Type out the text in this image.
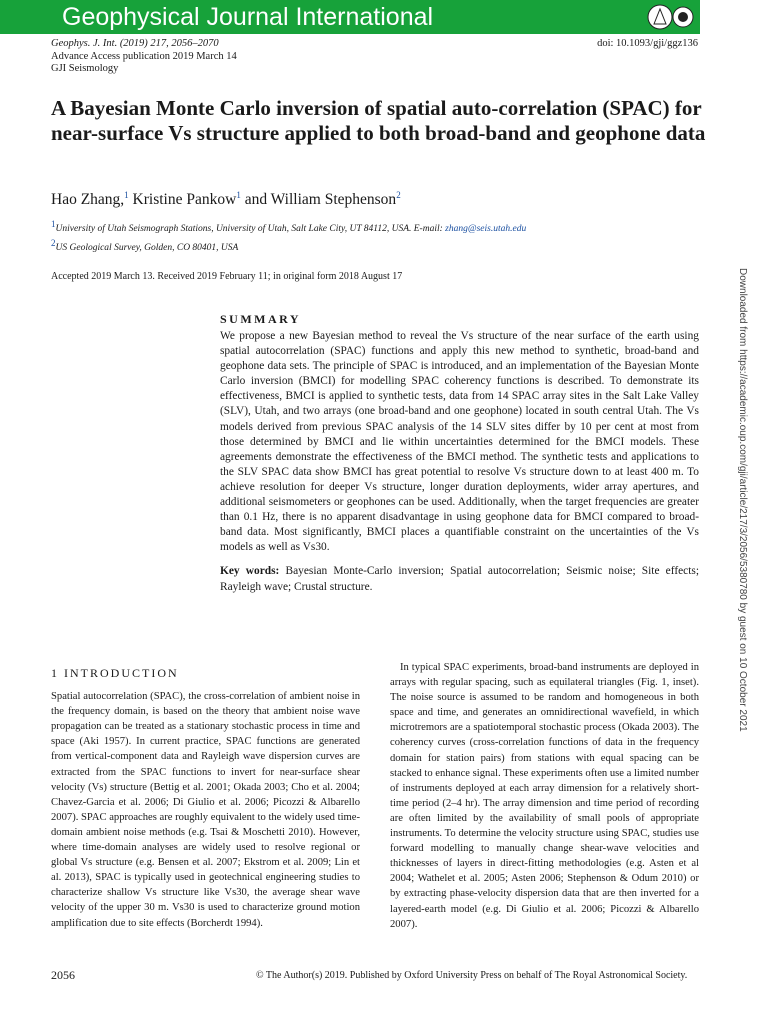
Geophysical Journal International
Geophys. J. Int. (2019) 217, 2056–2070
Advance Access publication 2019 March 14
GJI Seismology
doi: 10.1093/gji/ggz136
A Bayesian Monte Carlo inversion of spatial auto-correlation (SPAC) for near-surface Vs structure applied to both broad-band and geophone data
Hao Zhang,$^1$ Kristine Pankow$^1$ and William Stephenson$^2$
$^1$University of Utah Seismograph Stations, University of Utah, Salt Lake City, UT 84112, USA. E-mail: zhang@seis.utah.edu
$^2$US Geological Survey, Golden, CO 80401, USA
Accepted 2019 March 13. Received 2019 February 11; in original form 2018 August 17	Downloaded from https://academic.oup.com/gji/article/217/3/2056/5380780 by guest on 10 October 2021
SUMMARY

We propose a new Bayesian method to reveal the Vs structure of the near surface of the earth using spatial autocorrelation (SPAC) functions and apply this new method to synthetic, broad-band and geophone data sets. The principle of SPAC is introduced, and an implementation of the Bayesian Monte Carlo inversion (BMCI) for modelling SPAC coherency functions is described. To demonstrate its effectiveness, BMCI is applied to synthetic tests, data from 14 SPAC array sites in the Salt Lake Valley (SLV), Utah, and two arrays (one broad-band and one geophone) located in south central Utah. The Vs models derived from previous SPAC analysis of the 14 SLV sites differ by 10 per cent at most from those determined by BMCI and lie within uncertainties determined for the BMCI models. These agreements demonstrate the effectiveness of the BMCI method. The synthetic tests and applications to the SLV SPAC data show BMCI has great potential to resolve Vs structure down to at least 400 m. To achieve resolution for deeper Vs structure, longer duration deployments, wider array apertures, and additional seismometers or geophones can be used. Additionally, when the target frequencies are greater than 0.1 Hz, there is no apparent disadvantage in using geophone data for BMCI compared to broad-band data. Most significantly, BMCI places a quantifiable constraint on the uncertainties of the Vs models as well as Vs30.

Key words: Bayesian Monte-Carlo inversion; Spatial autocorrelation; Seismic noise; Site effects; Rayleigh wave; Crustal structure.

1 INTRODUCTION

Spatial autocorrelation (SPAC), the cross-correlation of ambient noise in the frequency domain, is based on the theory that ambient noise wave propagation can be treated as a stationary stochastic process in time and space (Aki 1957). In current practice, SPAC functions are generated from vertical-component data and Rayleigh wave dispersion curves are extracted from the SPAC functions to invert for near-surface shear velocity (Vs) structure (Bettig et al. 2001; Okada 2003; Cho et al. 2004; Chavez-Garcia et al. 2006; Di Giulio et al. 2006; Picozzi & Albarello 2007). SPAC approaches are roughly equivalent to the widely used time-domain ambient noise methods (e.g. Tsai & Moschetti 2010). However, where time-domain analyses are widely used to resolve regional or global Vs structure (e.g. Bensen et al. 2007; Ekstrom et al. 2009; Lin et al. 2013), SPAC is typically used in geotechnical engineering studies to characterize shallow Vs structure like Vs30, the average shear wave velocity of the upper 30 m. Vs30 is used to characterize ground motion amplification due to site effects (Borcherdt 1994).

In typical SPAC experiments, broad-band instruments are deployed in arrays with regular spacing, such as equilateral triangles (Fig. 1, inset). The noise source is assumed to be random and homogeneous in both space and time, and generates an omnidirectional wavefield, in which microtremors are a spatiotemporal stochastic process (Okada 2003). The coherency curves (cross-correlation functions of data in the frequency domain for station pairs) from stations with equal spacing can be stacked to enhance signal. These experiments often use a limited number of instruments deployed at each array dimension for a relatively short-time period (2–4 hr). The array dimension and time period of recording are often limited by the availability of small pools of appropriate instruments. To determine the velocity structure using SPAC, studies use forward modelling to manually change shear-wave velocities and thicknesses of layers in direct-fitting methodologies (e.g. Asten et al 2004; Wathelet et al. 2005; Asten 2006; Stephenson & Odum 2010) or by extracting phase-velocity dispersion data that are then inverted for a layered-earth model (e.g. Di Giulio et al. 2006; Picozzi & Albarello 2007).

2056	© The Author(s) 2019. Published by Oxford University Press on behalf of The Royal Astronomical Society.
